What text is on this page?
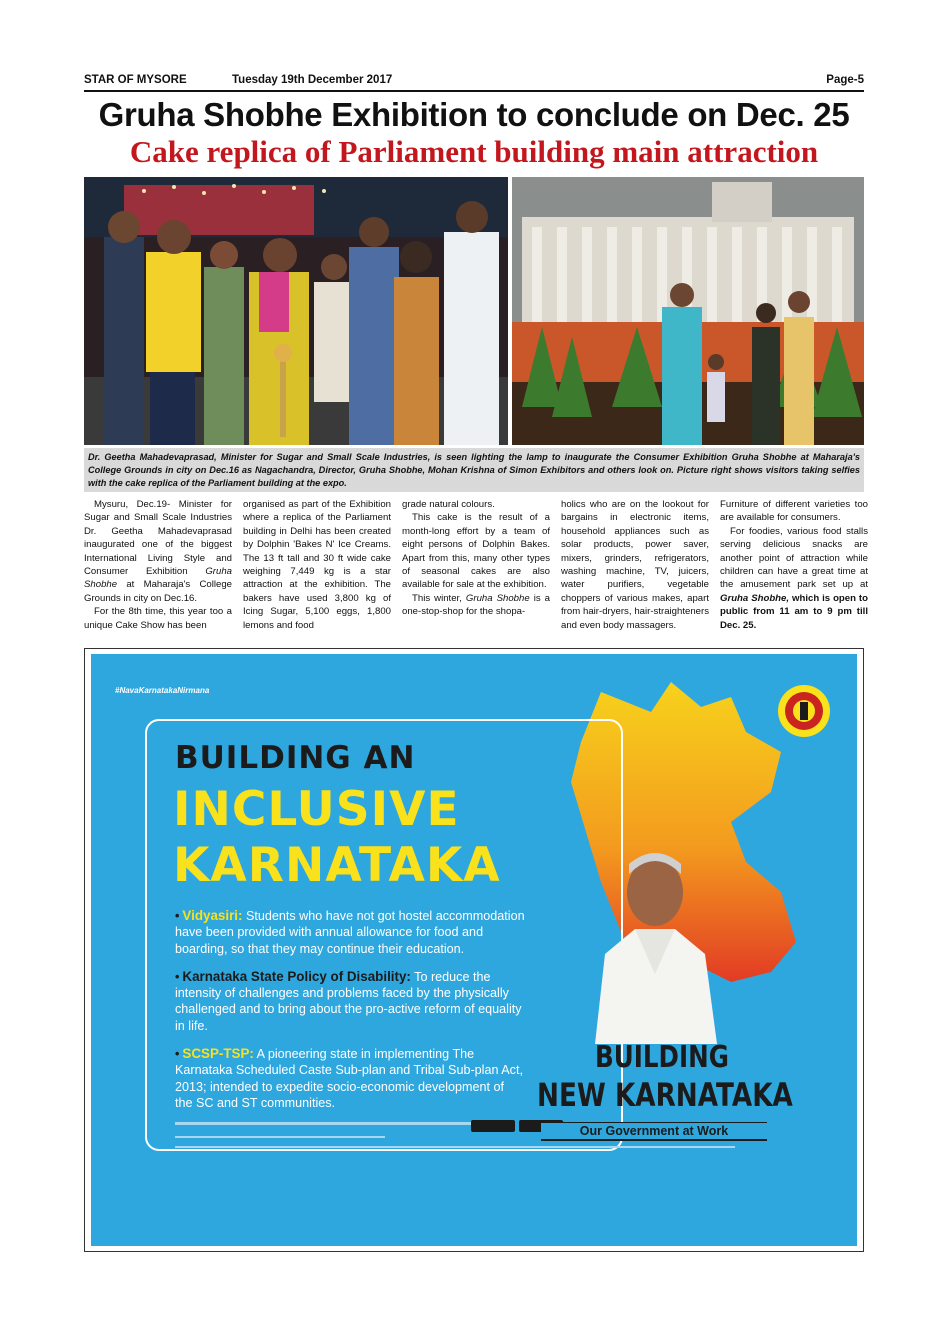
STAR OF MYSORE	Tuesday 19th December 2017	Page-5
Gruha Shobhe Exhibition to conclude on Dec. 25
Cake replica of Parliament building main attraction
Dr. Geetha Mahadevaprasad, Minister for Sugar and Small Scale Industries, is seen lighting the lamp to inaugurate the Consumer Exhibition Gruha Shobhe at Maharaja's College Grounds in city on Dec.16 as Nagachandra, Director, Gruha Shobhe, Mohan Krishna of Simon Exhibitors and others look on. Picture right shows visitors taking selfies with the cake replica of the Parliament building at the expo.

Mysuru, Dec.19- Minister for Sugar and Small Scale Industries Dr. Geetha Mahadevaprasad inaugurated one of the biggest International Living Style and Consumer Exhibition Gruha Shobhe at Maharaja's College Grounds in city on Dec.16.

For the 8th time, this year too a unique Cake Show has been

organised as part of the Exhibition where a replica of the Parliament building in Delhi has been created by Dolphin 'Bakes N' Ice Creams. The 13 ft tall and 30 ft wide cake weighing 7,449 kg is a star attraction at the exhibition. The bakers have used 3,800 kg of Icing Sugar, 5,100 eggs, 1,800 lemons and food

grade natural colours.

This cake is the result of a month-long effort by a team of eight persons of Dolphin Bakes. Apart from this, many other types of seasonal cakes are also available for sale at the exhibition.

This winter, Gruha Shobhe is a one-stop-shop for the shopa-

holics who are on the lookout for bargains in electronic items, household appliances such as solar products, power saver, mixers, grinders, refrigerators, washing machine, TV, juicers, water purifiers, vegetable choppers of various makes, apart from hair-dryers, hair-straighteners and even body massagers.

Furniture of different varieties too are available for consumers.

For foodies, various food stalls serving delicious snacks are another point of attraction while children can have a great time at the amusement park set up at Gruha Shobhe, which is open to public from 11 am to 9 pm till Dec. 25.

#NavaKarnatakaNirmana
BUILDING AN
INCLUSIVE
KARNATAKA
• Vidyasiri: Students who have not got hostel accommodation have been provided with annual allowance for food and boarding, so that they may continue their education.
• Karnataka State Policy of Disability: To reduce the intensity of challenges and problems faced by the physically challenged and to bring about the pro-active reform of equality in life.
• SCSP-TSP: A pioneering state in implementing The Karnataka Scheduled Caste Sub-plan and Tribal Sub-plan Act, 2013; intended to expedite socio-economic development of the SC and ST communities.
BUILDING
NEW KARNATAKA
Our Government at Work
